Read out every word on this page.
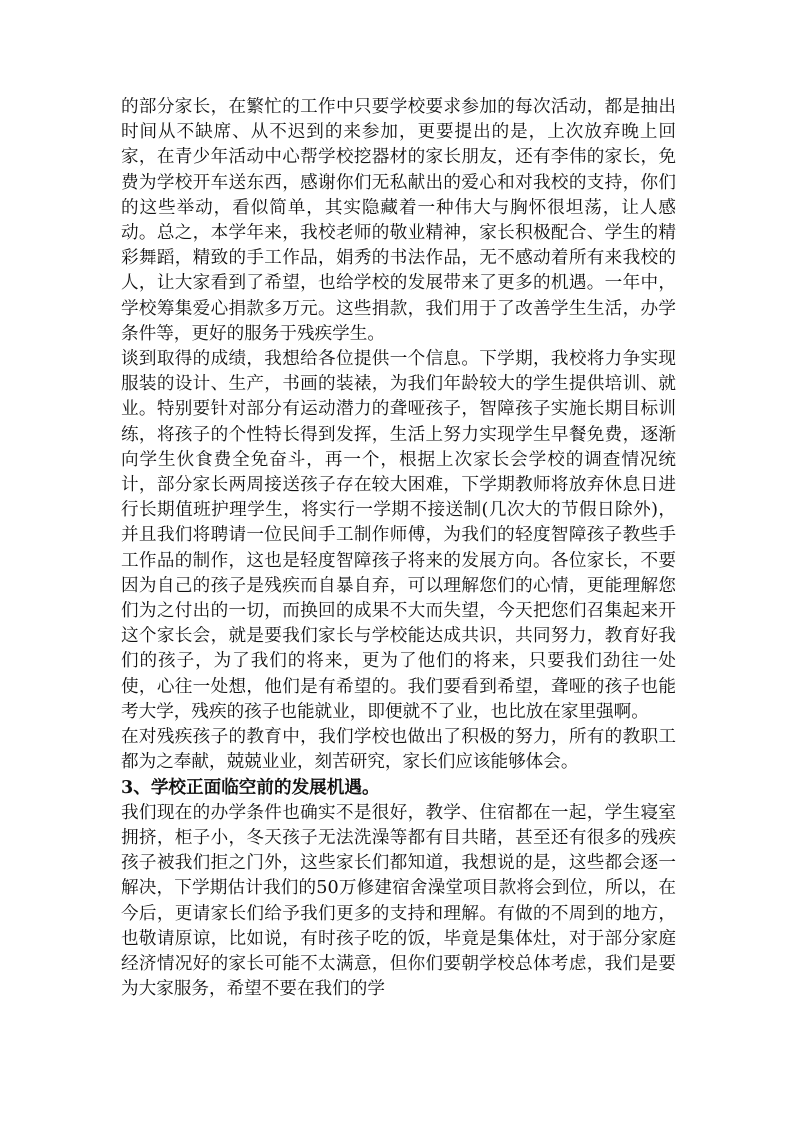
的部分家长，在繁忙的工作中只要学校要求参加的每次活动，都是抽出时间从不缺席、从不迟到的来参加，更要提出的是，上次放弃晚上回家，在青少年活动中心帮学校挖器材的家长朋友，还有李伟的家长，免费为学校开车送东西，感谢你们无私献出的爱心和对我校的支持，你们的这些举动，看似简单，其实隐藏着一种伟大与胸怀很坦荡，让人感动。总之，本学年来，我校老师的敬业精神，家长积极配合、学生的精彩舞蹈，精致的手工作品，娟秀的书法作品，无不感动着所有来我校的人，让大家看到了希望，也给学校的发展带来了更多的机遇。一年中，学校筹集爱心捐款多万元。这些捐款，我们用于了改善学生生活，办学条件等，更好的服务于残疾学生。

谈到取得的成绩，我想给各位提供一个信息。下学期，我校将力争实现服装的设计、生产，书画的装裱，为我们年龄较大的学生提供培训、就业。特别要针对部分有运动潜力的聋哑孩子，智障孩子实施长期目标训练，将孩子的个性特长得到发挥，生活上努力实现学生早餐免费，逐渐向学生伙食费全免奋斗，再一个，根据上次家长会学校的调查情况统计，部分家长两周接送孩子存在较大困难，下学期教师将放弃休息日进行长期值班护理学生，将实行一学期不接送制(几次大的节假日除外)，并且我们将聘请一位民间手工制作师傅，为我们的轻度智障孩子教些手工作品的制作，这也是轻度智障孩子将来的发展方向。各位家长，不要因为自己的孩子是残疾而自暴自弃，可以理解您们的心情，更能理解您们为之付出的一切，而换回的成果不大而失望，今天把您们召集起来开这个家长会，就是要我们家长与学校能达成共识，共同努力，教育好我们的孩子，为了我们的将来，更为了他们的将来，只要我们劲往一处使，心往一处想，他们是有希望的。我们要看到希望，聋哑的孩子也能考大学，残疾的孩子也能就业，即便就不了业，也比放在家里强啊。

在对残疾孩子的教育中，我们学校也做出了积极的努力，所有的教职工都为之奉献，兢兢业业，刻苦研究，家长们应该能够体会。

3、学校正面临空前的发展机遇。

我们现在的办学条件也确实不是很好，教学、住宿都在一起，学生寝室拥挤，柜子小，冬天孩子无法洗澡等都有目共睹，甚至还有很多的残疾孩子被我们拒之门外，这些家长们都知道，我想说的是，这些都会逐一解决，下学期估计我们的50万修建宿舍澡堂项目款将会到位，所以，在今后，更请家长们给予我们更多的支持和理解。有做的不周到的地方，也敬请原谅，比如说，有时孩子吃的饭，毕竟是集体灶，对于部分家庭经济情况好的家长可能不太满意，但你们要朝学校总体考虑，我们是要为大家服务，希望不要在我们的学
